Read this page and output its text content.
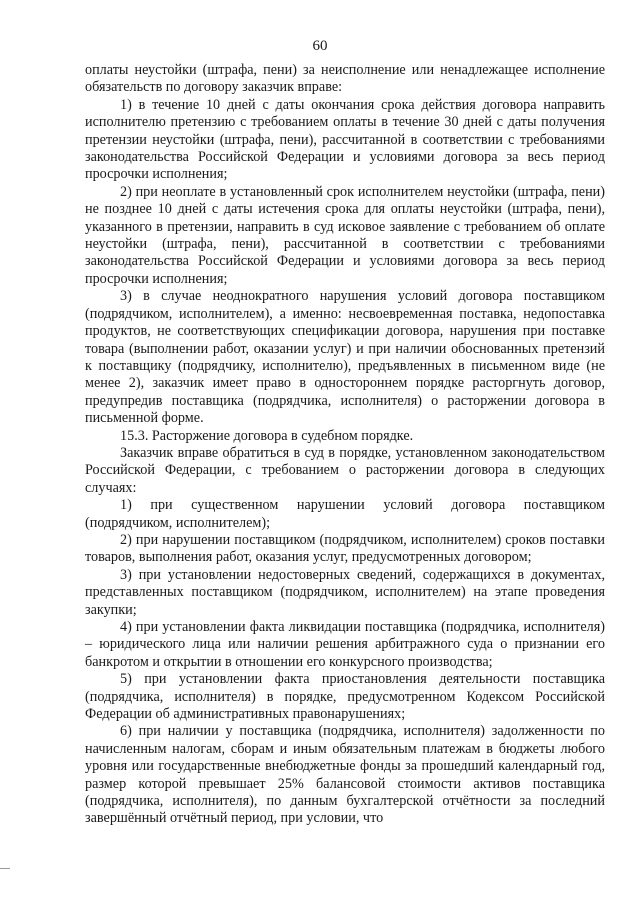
60

оплаты неустойки (штрафа, пени) за неисполнение или ненадлежащее исполнение обязательств по договору заказчик вправе:

1) в течение 10 дней с даты окончания срока действия договора направить исполнителю претензию с требованием оплаты в течение 30 дней с даты получения претензии неустойки (штрафа, пени), рассчитанной в соответствии с требованиями законодательства Российской Федерации и условиями договора за весь период просрочки исполнения;

2) при неоплате в установленный срок исполнителем неустойки (штрафа, пени) не позднее 10 дней с даты истечения срока для оплаты неустойки (штрафа, пени), указанного в претензии, направить в суд исковое заявление с требованием об оплате неустойки (штрафа, пени), рассчитанной в соответствии с требованиями законодательства Российской Федерации и условиями договора за весь период просрочки исполнения;

3) в случае неоднократного нарушения условий договора поставщиком (подрядчиком, исполнителем), а именно: несвоевременная поставка, недопоставка продуктов, не соответствующих спецификации договора, нарушения при поставке товара (выполнении работ, оказании услуг) и при наличии обоснованных претензий к поставщику (подрядчику, исполнителю), предъявленных в письменном виде (не менее 2), заказчик имеет право в одностороннем порядке расторгнуть договор, предупредив поставщика (подрядчика, исполнителя) о расторжении договора в письменной форме.

15.3. Расторжение договора в судебном порядке.

Заказчик вправе обратиться в суд в порядке, установленном законодательством Российской Федерации, с требованием о расторжении договора в следующих случаях:

1) при существенном нарушении условий договора поставщиком (подрядчиком, исполнителем);

2) при нарушении поставщиком (подрядчиком, исполнителем) сроков поставки товаров, выполнения работ, оказания услуг, предусмотренных договором;

3) при установлении недостоверных сведений, содержащихся в документах, представленных поставщиком (подрядчиком, исполнителем) на этапе проведения закупки;

4) при установлении факта ликвидации поставщика (подрядчика, исполнителя) – юридического лица или наличии решения арбитражного суда о признании его банкротом и открытии в отношении его конкурсного производства;

5) при установлении факта приостановления деятельности поставщика (подрядчика, исполнителя) в порядке, предусмотренном Кодексом Российской Федерации об административных правонарушениях;

6) при наличии у поставщика (подрядчика, исполнителя) задолженности по начисленным налогам, сборам и иным обязательным платежам в бюджеты любого уровня или государственные внебюджетные фонды за прошедший календарный год, размер которой превышает 25% балансовой стоимости активов поставщика (подрядчика, исполнителя), по данным бухгалтерской отчётности за последний завершённый отчётный период, при условии, что
